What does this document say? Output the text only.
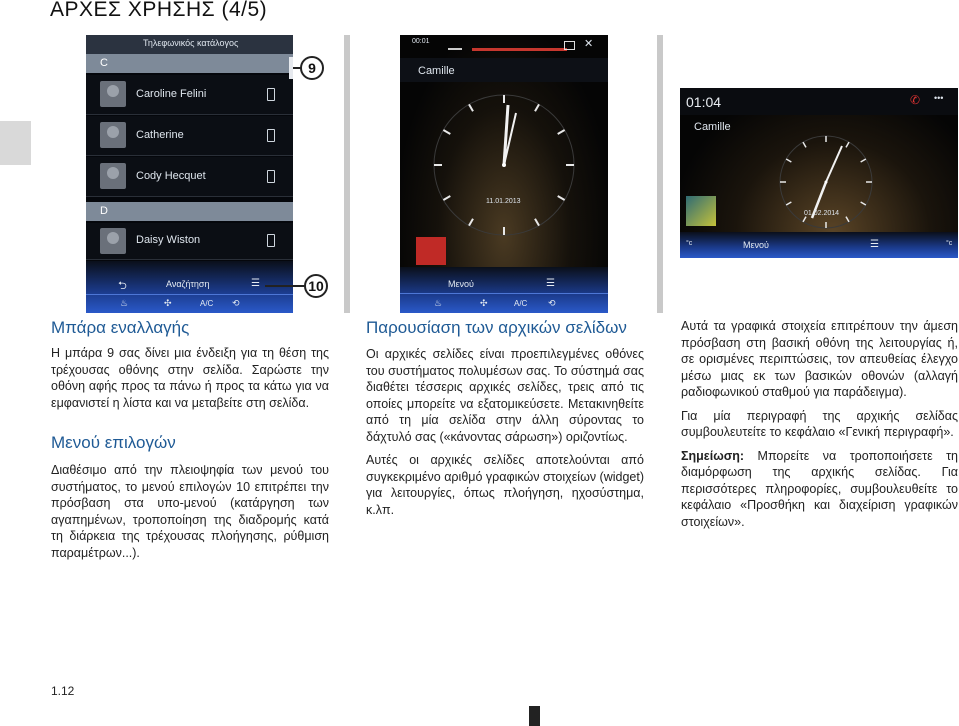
ΑΡΧΕΣ ΧΡΗΣΗΣ (4/5)
Τηλεφωνικός κατάλογος
C
Caroline Felini
Catherine
Cody Hecquet
D
Daisy Wiston
⮌	Αναζήτηση	☰
♨	✣	A/C ⟲
9
10
00:01	✕
Camille
11.01.2013
Μενού	☰
♨	✣	A/C ⟲
01:04	✆ •••
Camille
01.02.2014
°c	Μενού	☰	°c
Μπάρα εναλλαγής

Η μπάρα 9 σας δίνει μια ένδειξη για τη θέση της τρέχουσας οθόνης στην σελίδα. Σαρώστε την οθόνη αφής προς τα πάνω ή προς τα κάτω για να εμφανιστεί η λίστα και να μεταβείτε στη σελίδα.

Μενού επιλογών

Διαθέσιμο από την πλειοψηφία των μενού του συστήματος, το μενού επιλογών 10 επιτρέπει την πρόσβαση στα υπο-μενού (κατάργηση των αγαπημένων, τροποποίηση της διαδρομής κατά τη διάρκεια της τρέχουσας πλοήγησης, ρύθμιση παραμέτρων...).

Παρουσίαση των αρχικών σελίδων

Οι αρχικές σελίδες είναι προεπιλεγμένες οθόνες του συστήματος πολυμέσων σας. Το σύστημά σας διαθέτει τέσσερις αρχικές σελίδες, τρεις από τις οποίες μπορείτε να εξατομικεύσετε. Μετακινηθείτε από τη μία σελίδα στην άλλη σύροντας το δάχτυλό σας («κάνοντας σάρωση») οριζοντίως.

Αυτές οι αρχικές σελίδες αποτελούνται από συγκεκριμένο αριθμό γραφικών στοιχείων (widget) για λειτουργίες, όπως πλοήγηση, ηχοσύστημα, κ.λπ.

Αυτά τα γραφικά στοιχεία επιτρέπουν την άμεση πρόσβαση στη βασική οθόνη της λειτουργίας ή, σε ορισμένες περιπτώσεις, τον απευθείας έλεγχο μέσω μιας εκ των βασικών οθονών (αλλαγή ραδιοφωνικού σταθμού για παράδειγμα).

Για μία περιγραφή της αρχικής σελίδας συμβουλευτείτε το κεφάλαιο «Γενική περιγραφή».

Σημείωση: Μπορείτε να τροποποιήσετε τη διαμόρφωση της αρχικής σελίδας. Για περισσότερες πληροφορίες, συμβουλευθείτε το κεφάλαιο «Προσθήκη και διαχείριση γραφικών στοιχείων».

1.12
